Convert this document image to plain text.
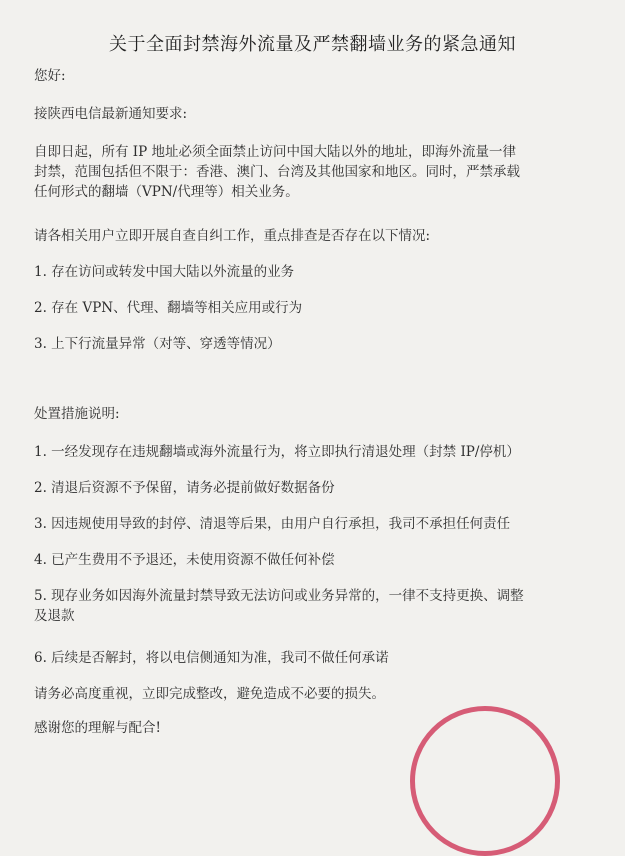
关于全面封禁海外流量及严禁翻墙业务的紧急通知
您好:
接陕西电信最新通知要求:
自即日起，所有 IP 地址必须全面禁止访问中国大陆以外的地址，即海外流量一律
封禁，范围包括但不限于：香港、澳门、台湾及其他国家和地区。同时，严禁承载
任何形式的翻墙（VPN/代理等）相关业务。
请各相关用户立即开展自查自纠工作，重点排查是否存在以下情况:
1. 存在访问或转发中国大陆以外流量的业务
2. 存在 VPN、代理、翻墙等相关应用或行为
3. 上下行流量异常（对等、穿透等情况）
处置措施说明:
1. 一经发现存在违规翻墙或海外流量行为，将立即执行清退处理（封禁 IP/停机）
2. 清退后资源不予保留，请务必提前做好数据备份
3. 因违规使用导致的封停、清退等后果，由用户自行承担，我司不承担任何责任
4. 已产生费用不予退还，未使用资源不做任何补偿
5. 现存业务如因海外流量封禁导致无法访问或业务异常的，一律不支持更换、调整
及退款
6. 后续是否解封，将以电信侧通知为准，我司不做任何承诺
请务必高度重视，立即完成整改，避免造成不必要的损失。
感谢您的理解与配合!
